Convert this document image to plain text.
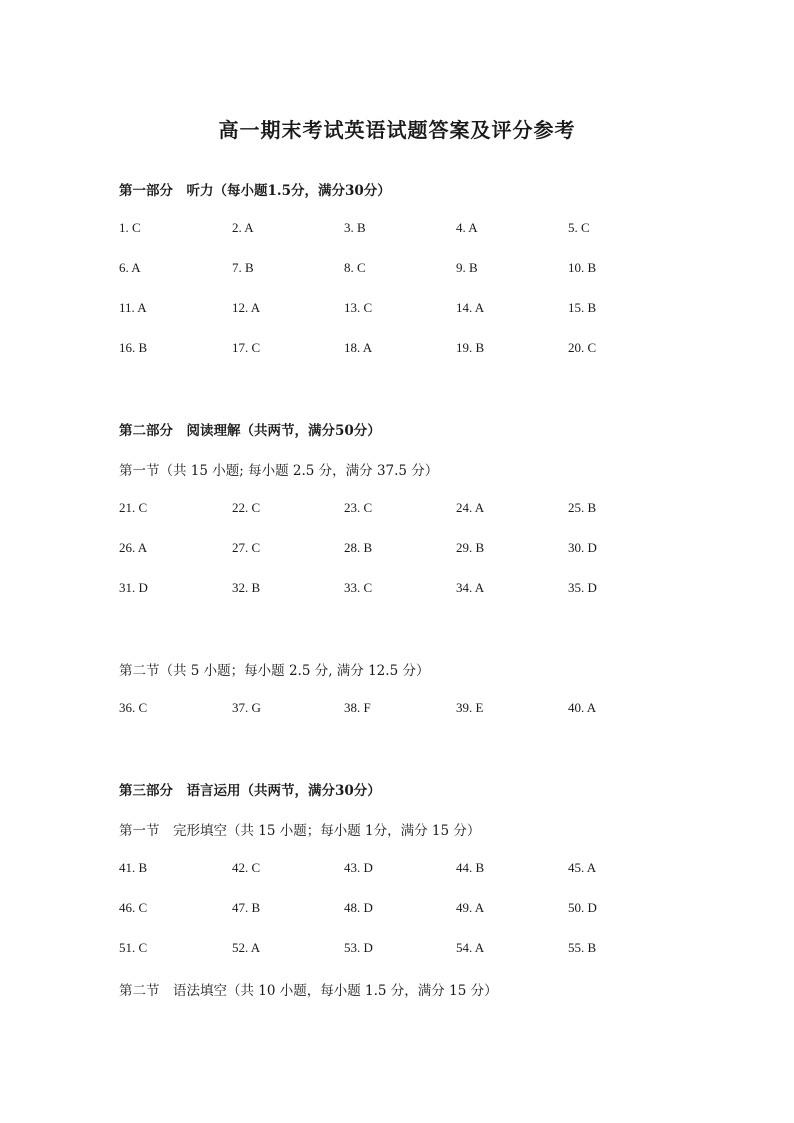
高一期末考试英语试题答案及评分参考
第一部分　听力（每小题1.5分，满分30分）
1. C	2. A	3. B	4. A	5. C
6. A	7. B	8. C	9. B	10. B
11. A	12. A	13. C	14. A	15. B
16. B	17. C	18. A	19. B	20. C
第二部分　阅读理解（共两节，满分50分）
第一节（共 15 小题; 每小题 2.5 分，满分 37.5 分）
21. C	22. C	23. C	24. A	25. B
26. A	27. C	28. B	29. B	30. D
31. D	32. B	33. C	34. A	35. D
第二节（共 5 小题；每小题 2.5 分, 满分 12.5 分）
36. C	37. G	38. F	39. E	40. A
第三部分　语言运用（共两节，满分30分）
第一节　完形填空（共 15 小题；每小题 1分，满分 15 分）
41. B	42. C	43. D	44. B	45. A
46. C	47. B	48. D	49. A	50. D
51. C	52. A	53. D	54. A	55. B
第二节　语法填空（共 10 小题，每小题 1.5 分，满分 15 分）
